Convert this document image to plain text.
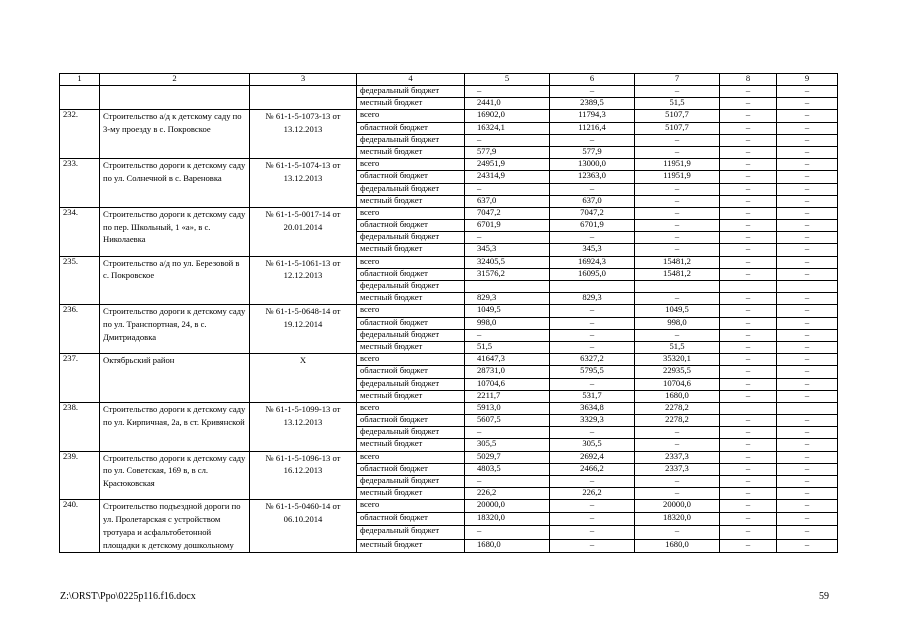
1	2	3	4	5	6	7	8	9
			федеральный бюджет	–	–	–	–	–
			местный бюджет	2441,0	2389,5	51,5	–	–
232.	Строительство а/д к детскому саду по 3-му проезду в с. Покровское	№ 61-1-5-1073-13 от 13.12.2013	всего	16902,0	11794,3	5107,7	–	–
			областной бюджет	16324,1	11216,4	5107,7	–	–
			федеральный бюджет	–	–	–	–	–
			местный бюджет	577,9	577,9	–	–	–
233.	Строительство дороги к детскому саду по ул. Солнечной в с. Вареновка	№ 61-1-5-1074-13 от 13.12.2013	всего	24951,9	13000,0	11951,9	–	–
			областной бюджет	24314,9	12363,0	11951,9	–	–
			федеральный бюджет	–	–	–	–	–
			местный бюджет	637,0	637,0	–	–	–
234.	Строительство дороги к детскому саду по пер. Школьный, 1 «а», в с. Николаевка	№ 61-1-5-0017-14 от 20.01.2014	всего	7047,2	7047,2	–	–	–
			областной бюджет	6701,9	6701,9	–	–	–
			федеральный бюджет	–	–	–	–	–
			местный бюджет	345,3	345,3	–	–	–
235.	Строительство а/д по ул. Березовой в с. Покровское	№ 61-1-5-1061-13 от 12.12.2013	всего	32405,5	16924,3	15481,2	–	–
			областной бюджет	31576,2	16095,0	15481,2	–	–
			федеральный бюджет					
			местный бюджет	829,3	829,3	–	–	–
236.	Строительство дороги к детскому саду по ул. Транспортная, 24, в с. Дмитриадовка	№ 61-1-5-0648-14 от 19.12.2014	всего	1049,5	–	1049,5	–	–
			областной бюджет	998,0	–	998,0	–	–
			федеральный бюджет	–	–	–	–	–
			местный бюджет	51,5	–	51,5	–	–
237.	Октябрьский район	Х	всего	41647,3	6327,2	35320,1	–	–
			областной бюджет	28731,0	5795,5	22935,5	–	–
			федеральный бюджет	10704,6	–	10704,6	–	–
			местный бюджет	2211,7	531,7	1680,0	–	–
238.	Строительство дороги к детскому саду по ул. Кирпичная, 2а, в ст. Кривянской	№ 61-1-5-1099-13 от 13.12.2013	всего	5913,0	3634,8	2278,2		
			областной бюджет	5607,5	3329,3	2278,2	–	–
			федеральный бюджет	–	–	–	–	–
			местный бюджет	305,5	305,5	–	–	–
239.	Строительство дороги к детскому саду по ул. Советская, 169 в, в сл. Красюковская	№ 61-1-5-1096-13 от 16.12.2013	всего	5029,7	2692,4	2337,3	–	–
			областной бюджет	4803,5	2466,2	2337,3	–	–
			федеральный бюджет	–	–	–	–	–
			местный бюджет	226,2	226,2	–	–	–
240.	Строительство подъездной дороги по ул. Пролетарская с устройством тротуара и асфальтобетонной площадки к детскому дошкольному	№ 61-1-5-0460-14 от 06.10.2014	всего	20000,0	–	20000,0	–	–
			областной бюджет	18320,0	–	18320,0	–	–
			федеральный бюджет	–	–	–	–	–
			местный бюджет	1680,0	–	1680,0	–	–
Z:\ORST\Ppo\0225p116.f16.docx	59
